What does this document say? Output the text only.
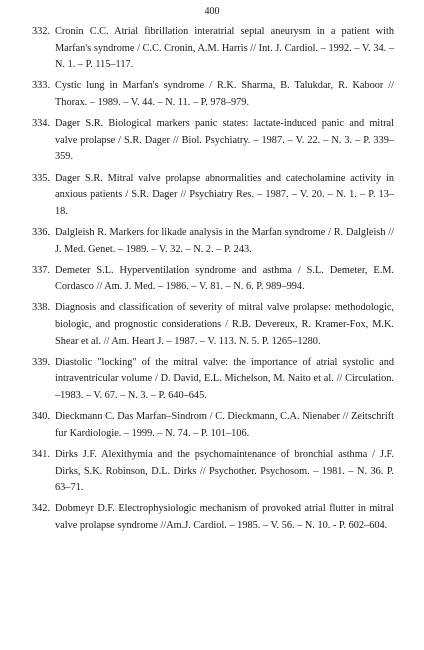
400
332. Cronin C.C. Atrial fibrillation interatrial septal aneurysm in a patient with Marfan's syndrome / C.C. Cronin, A.M. Harris // Int. J. Cardiol. – 1992. – V. 34. – N. 1. – P. 115–117.
333. Cystic lung in Marfan's syndrome / R.K. Sharma, B. Talukdar, R. Kaboor // Thorax. – 1989. – V. 44. – N. 11. – P. 978–979.
334. Dager S.R. Biological markers panic states: lactate-induced panic and mitral valve prolapse / S.R. Dager // Biol. Psychiatry. – 1987. – V. 22. – N. 3. – P. 339–359.
335. Dager S.R. Mitral valve prolapse abnormalities and catecholamine activity in anxious patients / S.R. Dager // Psychiatry Res. – 1987. – V. 20. – N. 1. – P. 13–18.
336. Dalgleish R. Markers for likade analysis in the Marfan syndrome / R. Dalgleish // J. Med. Genet. – 1989. – V. 32. – N. 2. – P. 243.
337. Demeter S.L. Hyperventilation syndrome and asthma / S.L. Demeter, E.M. Cordasco // Am. J. Med. – 1986. – V. 81. – N. 6. P. 989–994.
338. Diagnosis and classification of severity of mitral valve prolapse: methodologic, biologic, and prognostic considerations / R.B. Devereux, R. Kramer-Fox, M.K. Shear et al. // Am. Heart J. – 1987. – V. 113. N. 5. P. 1265–1280.
339. Diastolic "locking" of the mitral valve: the importance of atrial systolic and intraventricular volume / D. David, E.L. Michelson, M. Naito et al. // Circulation. –1983. – V. 67. – N. 3. – P. 640–645.
340. Dieckmann C. Das Marfan–Sindrom / C. Dieckmann, C.A. Nienaber // Zeitschrift fur Kardiologie. – 1999. – N. 74. – P. 101–106.
341. Dirks J.F. Alexithymia and the psychomaintenance of bronchial asthma / J.F. Dirks, S.K. Robinson, D.L. Dirks // Psychother. Psychosom. – 1981. – N. 36. P. 63–71.
342. Dobmeyr D.F. Electrophysiologic mechanism of provoked atrial flutter in mitral valve prolapse syndrome //Am.J. Cardiol. – 1985. – V. 56. – N. 10. - P. 602–604.
